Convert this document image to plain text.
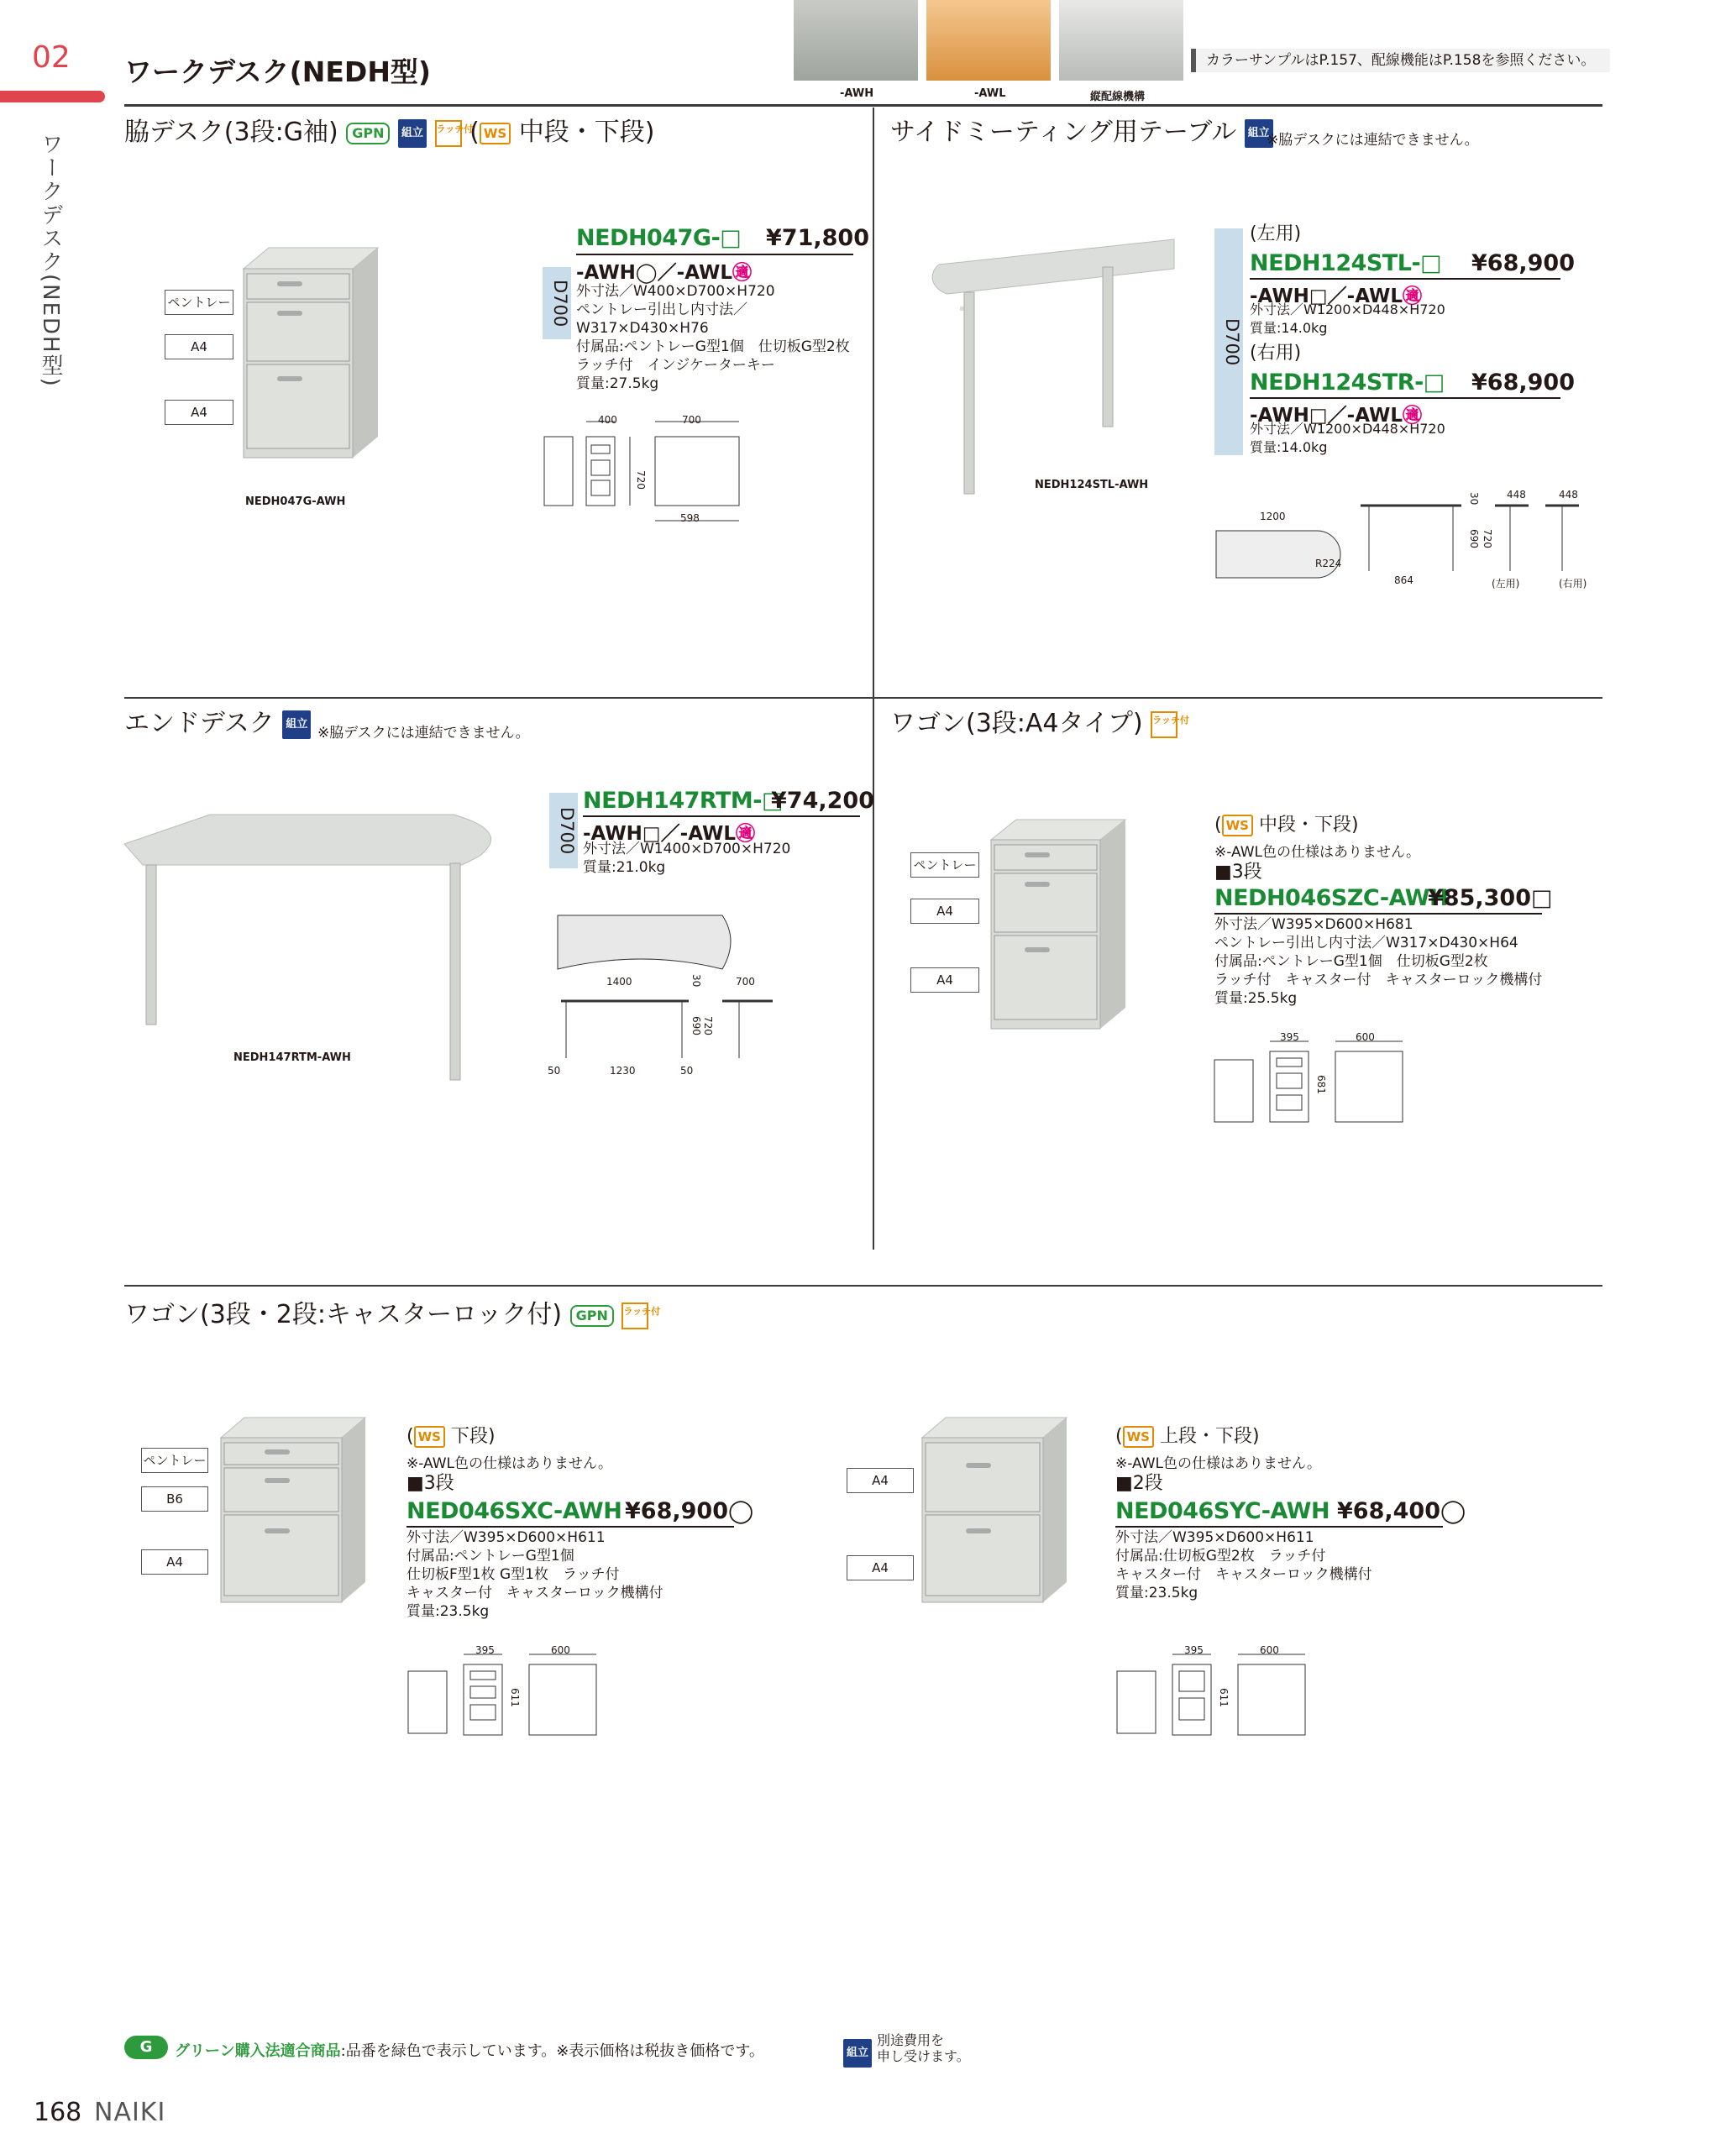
02 ワークデスク(NEDH型)
ワークデスク(NEDH型)
-AWH	-AWL	縦配線機構
カラーサンプルはP.157、配線機能はP.158を参照ください。
脇デスク(3段:G袖) GPN 組立 ラッチ付 ( WS 中段・下段)
ペントレー
A4
A4
NEDH047G-AWH
D700
NEDH047G-□ ¥71,800
-AWH◯／-AWL㊜
外寸法／W400×D700×H720
ペントレー引出し内寸法／
W317×D430×H76
付属品:ペントレーG型1個　仕切板G型2枚
ラッチ付　インジケーターキー
質量:27.5kg
400	700
720
598
サイドミーティング用テーブル 組立
※脇デスクには連結できません。
NEDH124STL-AWH
D700
(左用)
NEDH124STL-□ ¥68,900
-AWH□／-AWL㊜
外寸法／W1200×D448×H720
質量:14.0kg
(右用)
NEDH124STR-□ ¥68,900
-AWH□／-AWL㊜
外寸法／W1200×D448×H720
質量:14.0kg
1200
R224
864
30
690 720
448	448
(左用)	(右用)
エンドデスク 組立
※脇デスクには連結できません。
NEDH147RTM-AWH
D700
NEDH147RTM-□
¥74,200
-AWH□／-AWL㊜
外寸法／W1400×D700×H720
質量:21.0kg
1400	30	700
690 720
50	1230	50
ワゴン(3段:A4タイプ) ラッチ付
ペントレー
A4
A4
( WS 中段・下段)
※-AWL色の仕様はありません。
■3段
NEDH046SZC-AWH
¥85,300□
外寸法／W395×D600×H681
ペントレー引出し内寸法／W317×D430×H64
付属品:ペントレーG型1個　仕切板G型2枚
ラッチ付　キャスター付　キャスターロック機構付
質量:25.5kg
395	600
681
ワゴン(3段・2段:キャスターロック付) GPN ラッチ付
ペントレー
B6
A4
( WS 下段)
※-AWL色の仕様はありません。
■3段
NED046SXC-AWH ¥68,900◯
外寸法／W395×D600×H611
付属品:ペントレーG型1個
仕切板F型1枚 G型1枚　ラッチ付
キャスター付　キャスターロック機構付
質量:23.5kg
395	600
611
A4
A4
( WS 上段・下段)
※-AWL色の仕様はありません。
■2段
NED046SYC-AWH ¥68,400◯
外寸法／W395×D600×H611
付属品:仕切板G型2枚　ラッチ付
キャスター付　キャスターロック機構付
質量:23.5kg
395	600
611
G	グリーン購入法適合商品:品番を緑色で表示しています。※表示価格は税抜き価格です。	組立
別途費用を
申し受けます。
168 NAIKI
